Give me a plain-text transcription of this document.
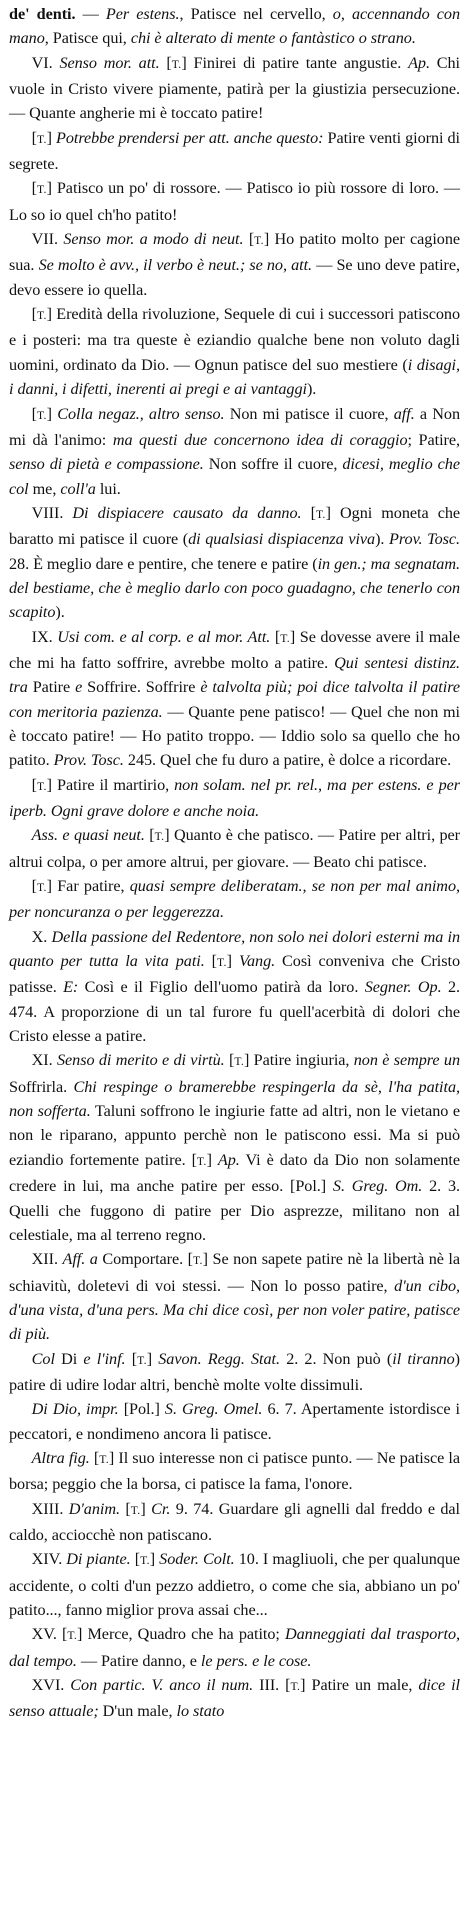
de' denti. — Per estens., Patisce nel cervello, o, accennando con mano, Patisce qui, chi è alterato di mente o fantàstico o strano.

VI. Senso mor. att. [T.] Finirei di patire tante angustie. Ap. Chi vuole in Cristo vivere piamente, patirà per la giustizia persecuzione. — Quante angherie mi è toccato patire!

[T.] Potrebbe prendersi per att. anche questo: Patire venti giorni di segrete.

[T.] Patisco un po' di rossore. — Patisco io più rossore di loro. — Lo so io quel ch'ho patito!

VII. Senso mor. a modo di neut. [T.] Ho patito molto per cagione sua. Se molto è avv., il verbo è neut.; se no, att. — Se uno deve patire, devo essere io quella.

[T.] Eredità della rivoluzione, Sequele di cui i successori patiscono e i posteri: ma tra queste è eziandio qualche bene non voluto dagli uomini, ordinato da Dio. — Ognun patisce del suo mestiere (i disagi, i danni, i difetti, inerenti ai pregi e ai vantaggi).

[T.] Colla negaz., altro senso. Non mi patisce il cuore, aff. a Non mi dà l'animo: ma questi due concernono idea di coraggio; Patire, senso di pietà e compassione. Non soffre il cuore, dicesi, meglio che col me, coll'a lui.

VIII. Di dispiacere causato da danno. [T.] Ogni moneta che baratto mi patisce il cuore (di qualsiasi dispiacenza viva). Prov. Tosc. 28. È meglio dare e pentire, che tenere e patire (in gen.; ma segnatam. del bestiame, che è meglio darlo con poco guadagno, che tenerlo con scapito).

IX. Usi com. e al corp. e al mor. Att. [T.] Se dovesse avere il male che mi ha fatto soffrire, avrebbe molto a patire. Qui sentesi distinz. tra Patire e Soffrire. Soffrire è talvolta più; poi dice talvolta il patire con meritoria pazienza. — Quante pene patisco! — Quel che non mi è toccato patire! — Ho patito troppo. — Iddio solo sa quello che ho patito. Prov. Tosc. 245. Quel che fu duro a patire, è dolce a ricordare.

[T.] Patire il martirio, non solam. nel pr. rel., ma per estens. e per iperb. Ogni grave dolore e anche noia.

Ass. e quasi neut. [T.] Quanto è che patisco. — Patire per altri, per altrui colpa, o per amore altrui, per giovare. — Beato chi patisce.

[T.] Far patire, quasi sempre deliberatam., se non per mal animo, per noncuranza o per leggerezza.

X. Della passione del Redentore, non solo nei dolori esterni ma in quanto per tutta la vita pati. [T.] Vang. Così conveniva che Cristo patisse. E: Così e il Figlio dell'uomo patirà da loro. Segner. Op. 2. 474. A proporzione di un tal furore fu quell'acerbità di dolori che Cristo elesse a patire.

XI. Senso di merito e di virtù. [T.] Patire ingiuria, non è sempre un Soffrirla. Chi respinge o bramerebbe respingerla da sè, l'ha patita, non sofferta. Taluni soffrono le ingiurie fatte ad altri, non le vietano e non le riparano, appunto perchè non le patiscono essi. Ma si può eziandio fortemente patire. [T.] Ap. Vi è dato da Dio non solamente credere in lui, ma anche patire per esso. [Pol.] S. Greg. Om. 2. 3. Quelli che fuggono di patire per Dio asprezze, militano non al celestiale, ma al terreno regno.

XII. Aff. a Comportare. [T.] Se non sapete patire nè la libertà nè la schiavitù, doletevi di voi stessi. — Non lo posso patire, d'un cibo, d'una vista, d'una pers. Ma chi dice così, per non voler patire, patisce di più.

Col Di e l'inf. [T.] Savon. Regg. Stat. 2. 2. Non può (il tiranno) patire di udire lodar altri, benchè molte volte dissimuli.

Di Dio, impr. [Pol.] S. Greg. Omel. 6. 7. Apertamente istordisce i peccatori, e nondimeno ancora li patisce.

Altra fig. [T.] Il suo interesse non ci patisce punto. — Ne patisce la borsa; peggio che la borsa, ci patisce la fama, l'onore.

XIII. D'anim. [T.] Cr. 9. 74. Guardare gli agnelli dal freddo e dal caldo, acciocchè non patiscano.

XIV. Di piante. [T.] Soder. Colt. 10. I magliuoli, che per qualunque accidente, o colti d'un pezzo addietro, o come che sia, abbiano un po' patito..., fanno miglior prova assai che...

XV. [T.] Merce, Quadro che ha patito; Danneggiati dal trasporto, dal tempo. — Patire danno, e le pers. e le cose.

XVI. Con partic. V. anco il num. III. [T.] Patire un male, dice il senso attuale; D'un male, lo stato
